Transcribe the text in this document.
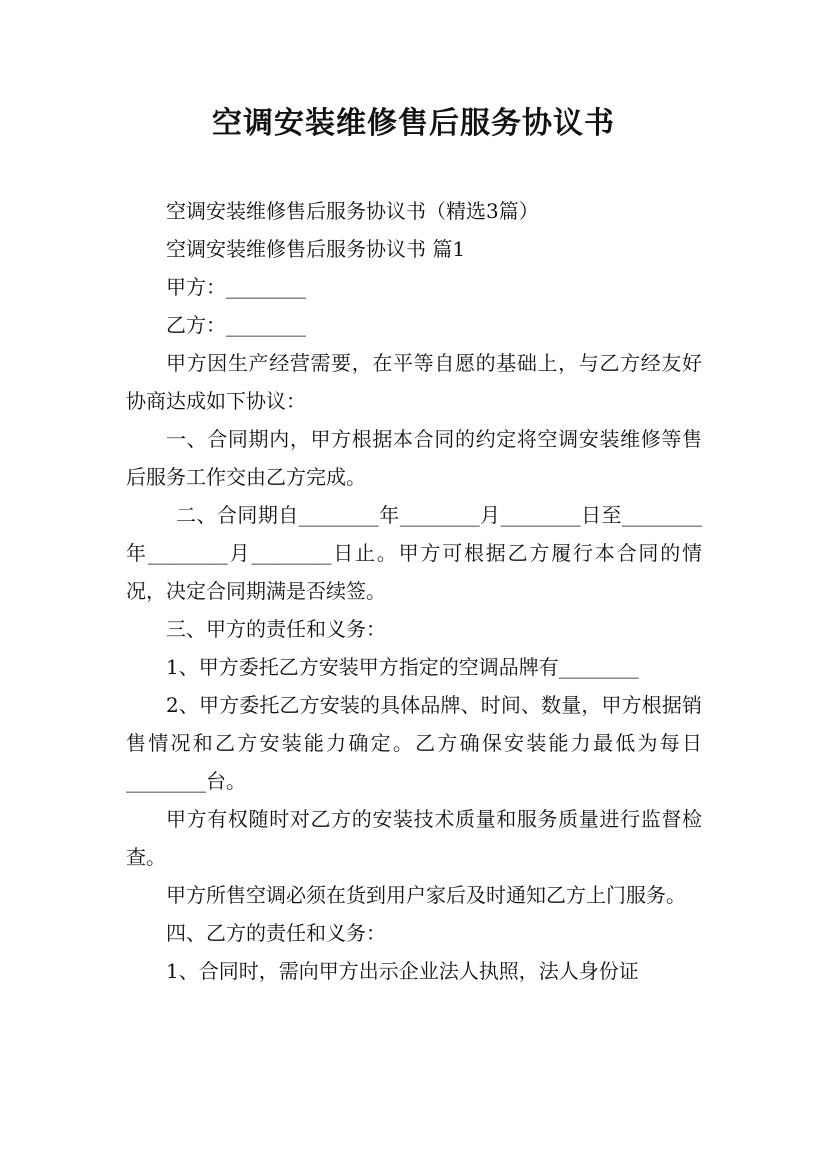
空调安装维修售后服务协议书

空调安装维修售后服务协议书（精选3篇）

空调安装维修售后服务协议书 篇1

甲方：________

乙方：________

甲方因生产经营需要，在平等自愿的基础上，与乙方经友好协商达成如下协议：

一、合同期内，甲方根据本合同的约定将空调安装维修等售后服务工作交由乙方完成。

二、合同期自________年________月________日至________年________月________日止。甲方可根据乙方履行本合同的情况，决定合同期满是否续签。

三、甲方的责任和义务：

1、甲方委托乙方安装甲方指定的空调品牌有________

2、甲方委托乙方安装的具体品牌、时间、数量，甲方根据销售情况和乙方安装能力确定。乙方确保安装能力最低为每日________台。

甲方有权随时对乙方的安装技术质量和服务质量进行监督检查。

甲方所售空调必须在货到用户家后及时通知乙方上门服务。

四、乙方的责任和义务：

1、合同时，需向甲方出示企业法人执照，法人身份证
